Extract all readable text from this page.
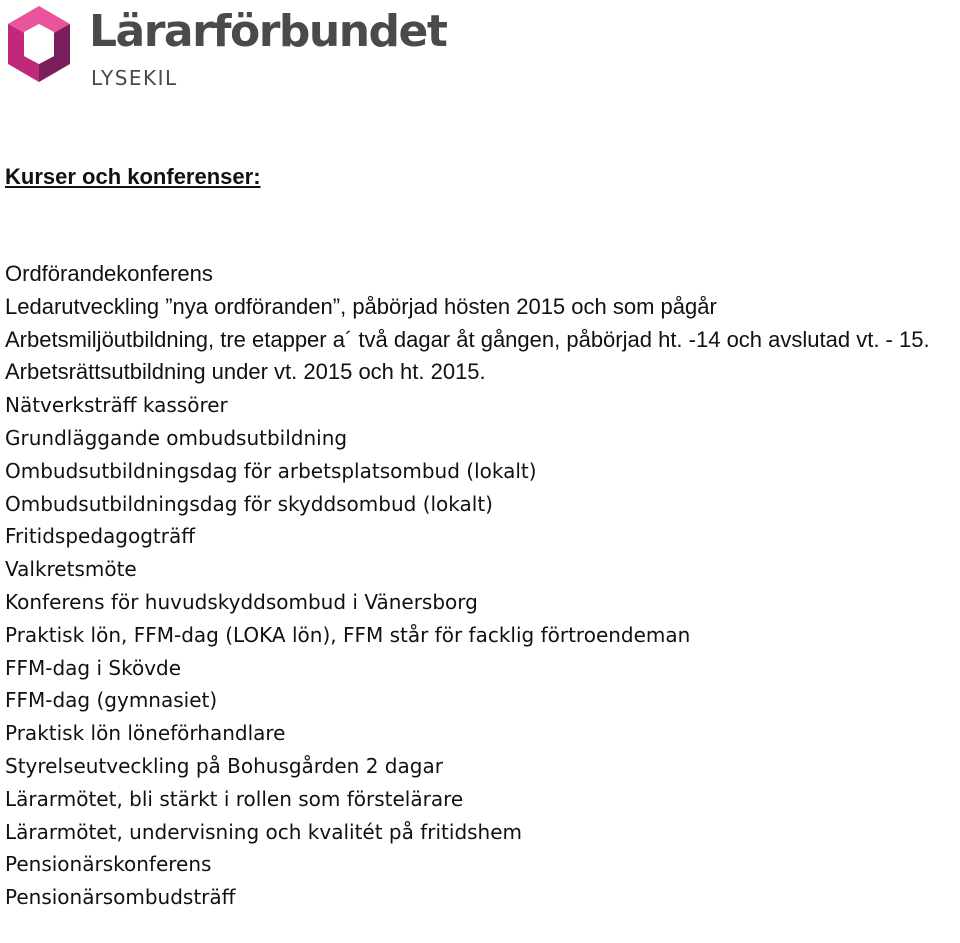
Lärarförbundet
LYSEKIL
Kurser och konferenser:
Ordförandekonferens
Ledarutveckling ”nya ordföranden”, påbörjad hösten 2015 och som pågår
Arbetsmiljöutbildning, tre etapper a´ två dagar åt gången, påbörjad ht. -14 och avslutad vt. - 15.
Arbetsrättsutbildning under vt. 2015 och ht. 2015.
Nätverksträff kassörer
Grundläggande ombudsutbildning
Ombudsutbildningsdag för arbetsplatsombud (lokalt)
Ombudsutbildningsdag för skyddsombud (lokalt)
Fritidspedagogträff
Valkretsmöte
Konferens för huvudskyddsombud i Vänersborg
Praktisk lön, FFM-dag (LOKA lön), FFM står för facklig förtroendeman
FFM-dag i Skövde
FFM-dag (gymnasiet)
Praktisk lön löneförhandlare
Styrelseutveckling på Bohusgården 2 dagar
Lärarmötet, bli stärkt i rollen som förstelärare
Lärarmötet, undervisning och kvalitét på fritidshem
Pensionärskonferens
Pensionärsombudsträff
